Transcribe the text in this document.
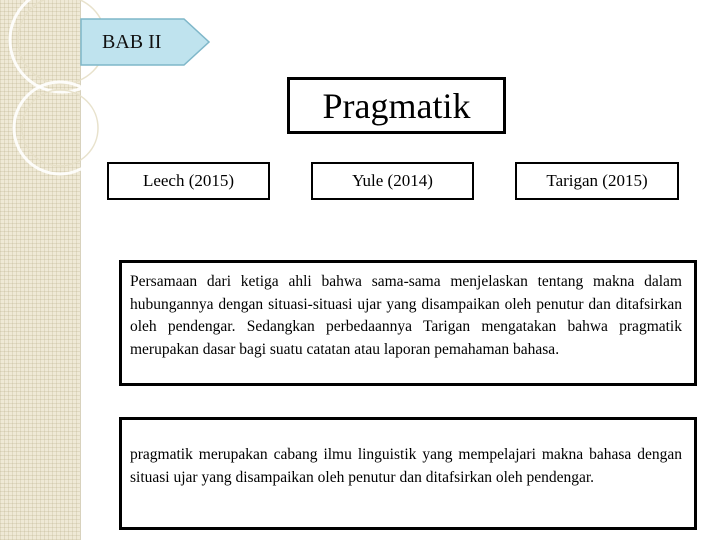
BAB II
Pragmatik
Leech (2015)	Yule (2014)	Tarigan (2015)
Persamaan dari ketiga ahli bahwa sama-sama menjelaskan tentang makna dalam hubungannya dengan situasi-situasi ujar yang disampaikan oleh penutur dan ditafsirkan oleh pendengar. Sedangkan perbedaannya Tarigan mengatakan bahwa pragmatik merupakan dasar bagi suatu catatan atau laporan pemahaman bahasa.
pragmatik merupakan cabang ilmu linguistik yang mempelajari makna bahasa dengan situasi ujar yang disampaikan oleh penutur dan ditafsirkan oleh pendengar.
